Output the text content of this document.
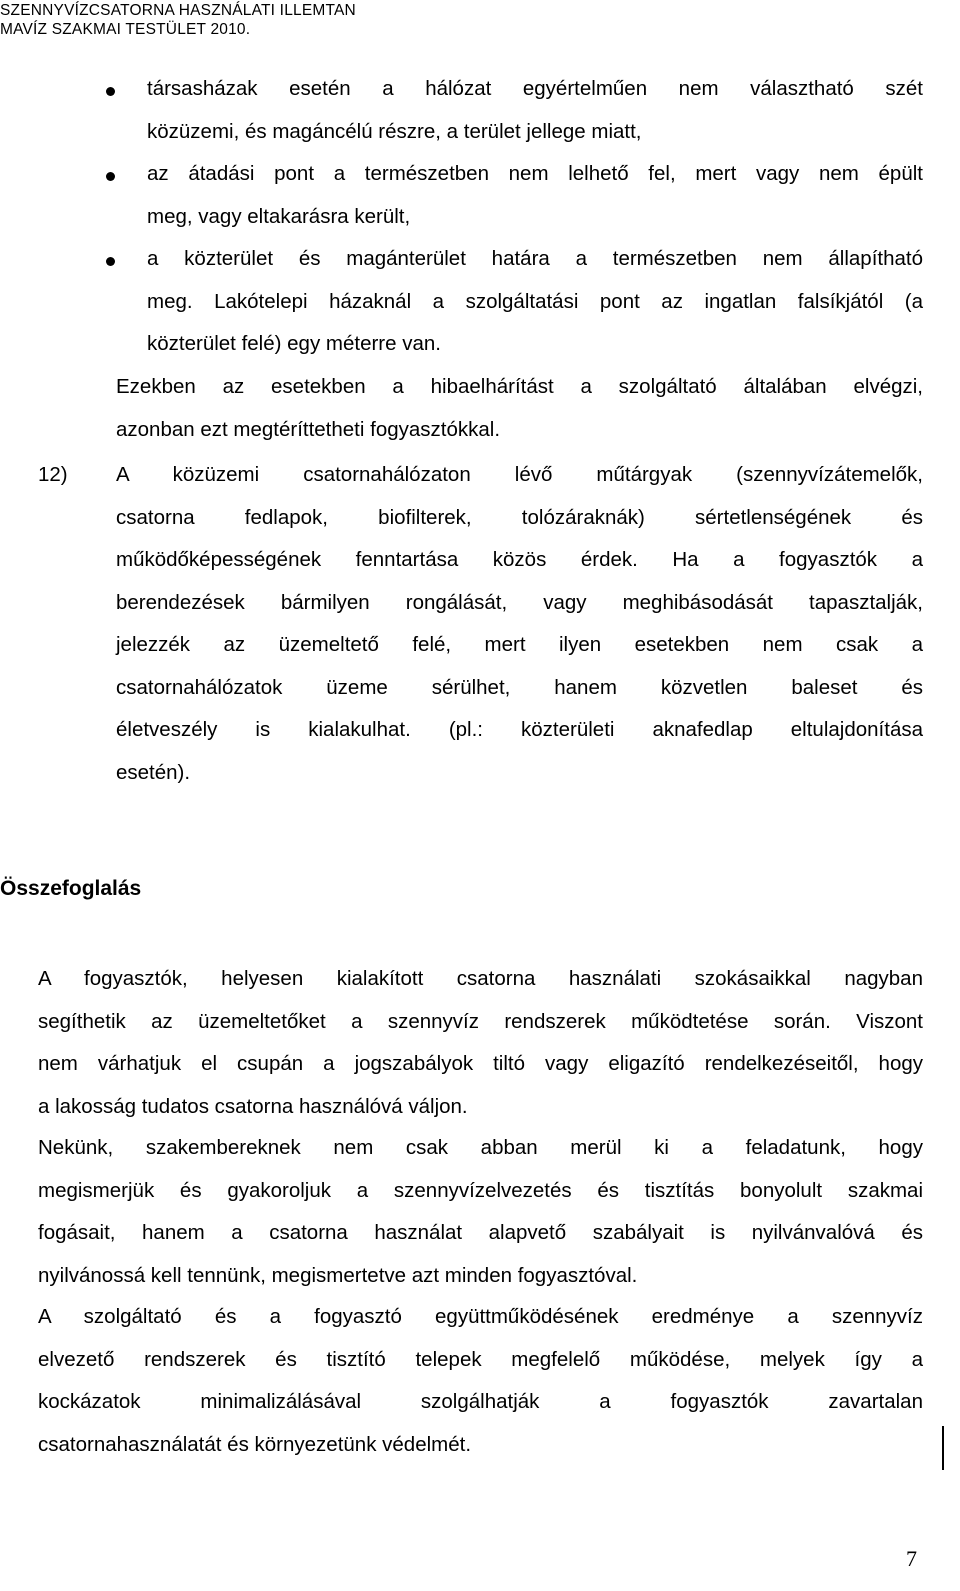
SZENNYVÍZCSATORNA HASZNÁLATI ILLEMTAN
MAVÍZ SZAKMAI TESTÜLET 2010.
társasházak esetén a hálózat egyértelműen nem választható szét
közüzemi, és magáncélú részre, a terület jellege miatt,
az átadási pont a természetben nem lelhető fel, mert vagy nem épült
meg, vagy eltakarásra került,
a közterület és magánterület határa a természetben nem állapítható
meg. Lakótelepi házaknál a szolgáltatási pont az ingatlan falsíkjától (a
közterület felé) egy méterre van.
Ezekben az esetekben a hibaelhárítást a szolgáltató általában elvégzi,
azonban ezt megtéríttetheti fogyasztókkal.
12) A közüzemi csatornahálózaton lévő műtárgyak (szennyvízátemelők,
csatorna fedlapok, biofilterek, tolózáraknák) sértetlenségének és
működőképességének fenntartása közös érdek. Ha a fogyasztók a
berendezések bármilyen rongálását, vagy meghibásodását tapasztalják,
jelezzék az üzemeltető felé, mert ilyen esetekben nem csak a
csatornahálózatok üzeme sérülhet, hanem közvetlen baleset és
életveszély is kialakulhat. (pl.: közterületi aknafedlap eltulajdonítása
esetén).
Összefoglalás
A fogyasztók, helyesen kialakított csatorna használati szokásaikkal nagyban
segíthetik az üzemeltetőket a szennyvíz rendszerek működtetése során. Viszont
nem várhatjuk el csupán a jogszabályok tiltó vagy eligazító rendelkezéseitől, hogy
a lakosság tudatos csatorna használóvá váljon.
Nekünk, szakembereknek nem csak abban merül ki a feladatunk, hogy
megismerjük és gyakoroljuk a szennyvízelvezetés és tisztítás bonyolult szakmai
fogásait, hanem a csatorna használat alapvető szabályait is nyilvánvalóvá és
nyilvánossá kell tennünk, megismertetve azt minden fogyasztóval.
A szolgáltató és a fogyasztó együttműködésének eredménye a szennyvíz
elvezető rendszerek és tisztító telepek megfelelő működése, melyek így a
kockázatok minimalizálásával szolgálhatják a fogyasztók zavartalan
csatornahasználatát és környezetünk védelmét.
7
